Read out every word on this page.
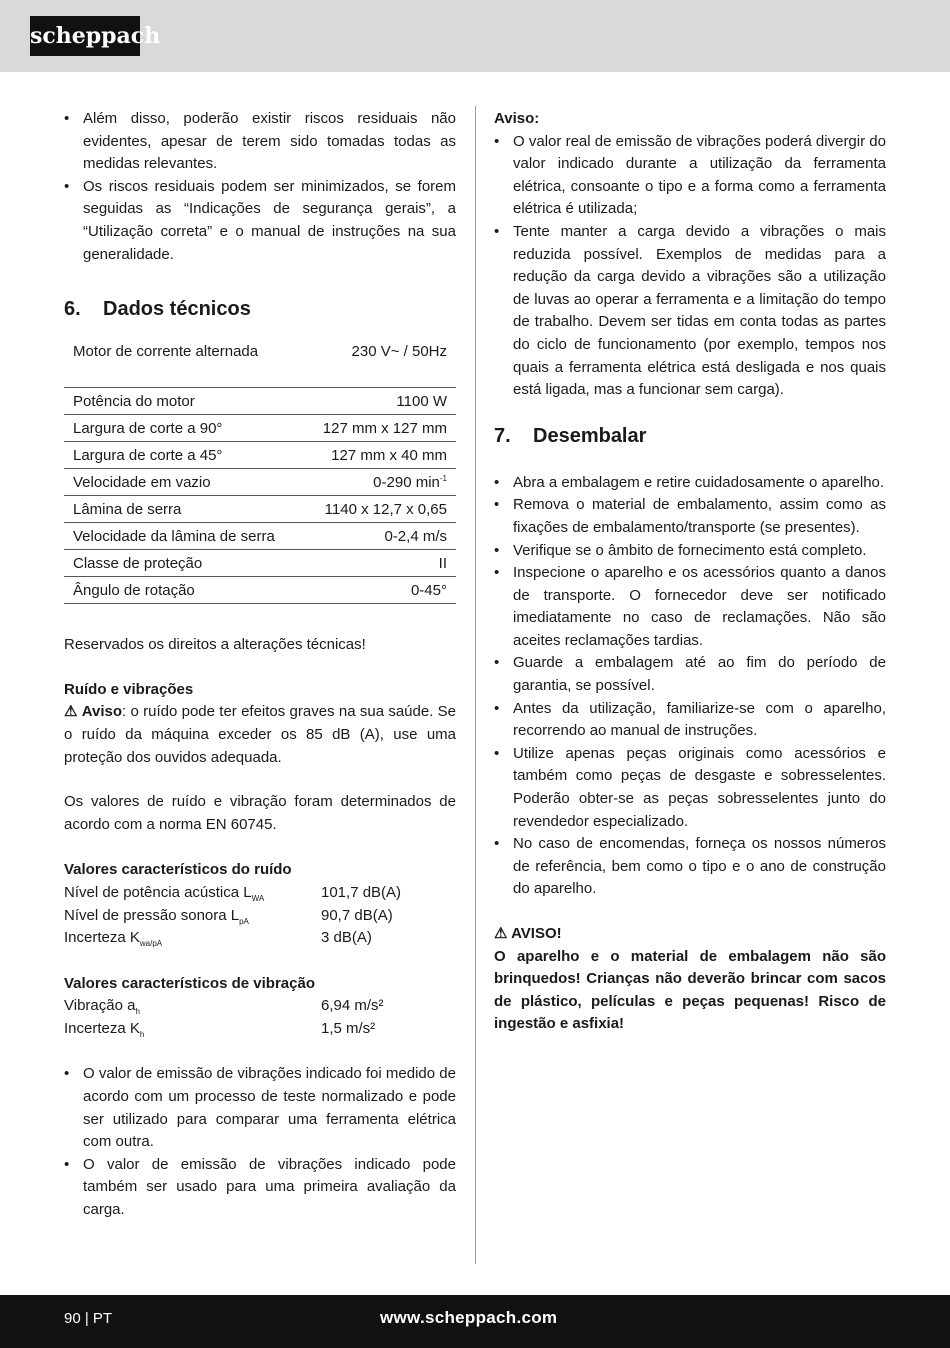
scheppach
• Além disso, poderão existir riscos residuais não evidentes, apesar de terem sido tomadas todas as medidas relevantes.
• Os riscos residuais podem ser minimizados, se forem seguidas as “Indicações de segurança gerais”, a “Utilização correta” e o manual de instruções na sua generalidade.
6.	Dados técnicos
Motor de corrente alternada	230 V~ / 50Hz
Potência do motor	1100 W
Largura de corte a 90°	127 mm x 127 mm
Largura de corte a 45°	127 mm x 40 mm
Velocidade em vazio	0-290 $\min^{-1}$
Lâmina de serra	1140 x 12,7 x 0,65
Velocidade da lâmina de serra	0-2,4 m/s
Classe de proteção	II
Ângulo de rotação	0-45°

Reservados os direitos a alterações técnicas!

Ruído e vibrações

⚠ Aviso: o ruído pode ter efeitos graves na sua saúde. Se o ruído da máquina exceder os 85 dB (A), use uma proteção dos ouvidos adequada.

Os valores de ruído e vibração foram determinados de acordo com a norma EN 60745.

Valores característicos do ruído

Nível de potência acústica $L_{WA}$	101,7 dB(A)
Nível de pressão sonora $L_{pA}$	90,7 dB(A)
Incerteza $K_{wa/pA}$	3 dB(A)

Valores característicos de vibração

Vibração $a_h$	6,94 m/s²
Incerteza $K_h$	1,5 m/s²
• O valor de emissão de vibrações indicado foi medido de acordo com um processo de teste normalizado e pode ser utilizado para comparar uma ferramenta elétrica com outra.
• O valor de emissão de vibrações indicado pode também ser usado para uma primeira avaliação da carga.

Aviso:

• O valor real de emissão de vibrações poderá divergir do valor indicado durante a utilização da ferramenta elétrica, consoante o tipo e a forma como a ferramenta elétrica é utilizada;
• Tente manter a carga devido a vibrações o mais reduzida possível. Exemplos de medidas para a redução da carga devido a vibrações são a utilização de luvas ao operar a ferramenta e a limitação do tempo de trabalho. Devem ser tidas em conta todas as partes do ciclo de funcionamento (por exemplo, tempos nos quais a ferramenta elétrica está desligada e nos quais está ligada, mas a funcionar sem carga).
7.	Desembalar
• Abra a embalagem e retire cuidadosamente o aparelho.
• Remova o material de embalamento, assim como as fixações de embalamento/transporte (se presentes).
• Verifique se o âmbito de fornecimento está completo.
• Inspecione o aparelho e os acessórios quanto a danos de transporte. O fornecedor deve ser notificado imediatamente no caso de reclamações. Não são aceites reclamações tardias.
• Guarde a embalagem até ao fim do período de garantia, se possível.
• Antes da utilização, familiarize-se com o aparelho, recorrendo ao manual de instruções.
• Utilize apenas peças originais como acessórios e também como peças de desgaste e sobresselentes. Poderão obter-se as peças sobresselentes junto do revendedor especializado.
• No caso de encomendas, forneça os nossos números de referência, bem como o tipo e o ano de construção do aparelho.

⚠ AVISO!

O aparelho e o material de embalagem não são brinquedos! Crianças não deverão brincar com sacos de plástico, películas e peças pequenas! Risco de ingestão e asfixia!

90 | PT	www.scheppach.com
